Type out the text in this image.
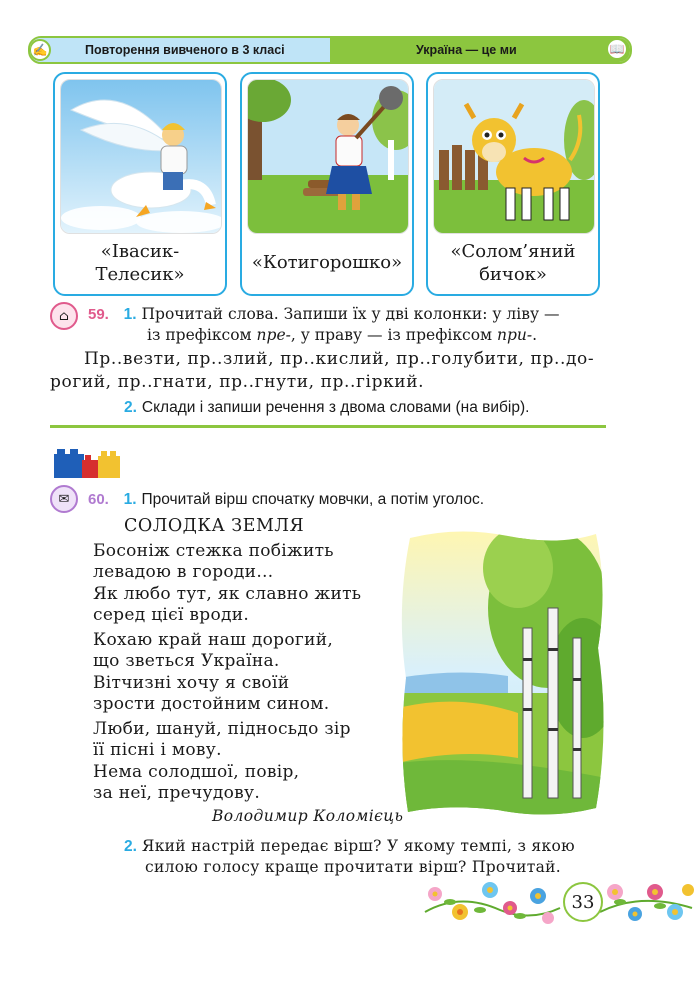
✍	Повторення вивченого в 3 класі	Україна — це ми	📖
«Івасик-Телесик»
«Котигорошко»
«Солом’яний бичок»
⌂	59. 1. Прочитай слова. Запиши їх у дві колонки: у ліву —
із префіксом пре-, у праву — із префіксом при-.
Пр..везти, пр..злий, пр..кислий, пр..голубити, пр..до-
рогий, пр..гнати, пр..гнути, пр..гіркий.
2. Склади і запиши речення з двома словами (на вибір).
✉	60. 1. Прочитай вірш спочатку мовчки, а потім уголос.
СОЛОДКА ЗЕМЛЯ
Босоніж стежка побіжить
левадою в городи…
Як любо тут, як славно жить
серед цієї вроди.
Кохаю край наш дорогий,
що зветься Україна.
Вітчизні хочу я своїй
зрости достойним сином.
Люби, шануй, підносьдо зір
її пісні і мову.
Нема солодшої, повір,
за неї, пречудову.
Володимир Коломієць
2. Який настрій передає вірш? У якому темпі, з якою
силою голосу краще прочитати вірш? Прочитай.
33
